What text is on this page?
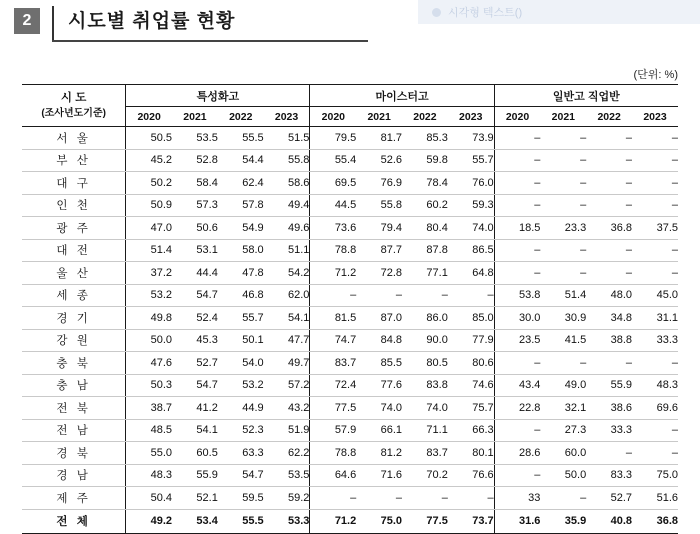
시각형 텍스트()
2	시도별 취업률 현황
(단위: %)
시 도
(조사년도기준)	특성화고				마이스터고				일반고 직업반			
	2020	2021	2022	2023	2020	2021	2022	2023	2020	2021	2022	2023
서 울	50.5	53.5	55.5	51.5	79.5	81.7	85.3	73.9	–	–	–	–
부 산	45.2	52.8	54.4	55.8	55.4	52.6	59.8	55.7	–	–	–	–
대 구	50.2	58.4	62.4	58.6	69.5	76.9	78.4	76.0	–	–	–	–
인 천	50.9	57.3	57.8	49.4	44.5	55.8	60.2	59.3	–	–	–	–
광 주	47.0	50.6	54.9	49.6	73.6	79.4	80.4	74.0	18.5	23.3	36.8	37.5
대 전	51.4	53.1	58.0	51.1	78.8	87.7	87.8	86.5	–	–	–	–
울 산	37.2	44.4	47.8	54.2	71.2	72.8	77.1	64.8	–	–	–	–
세 종	53.2	54.7	46.8	62.0	–	–	–	–	53.8	51.4	48.0	45.0
경 기	49.8	52.4	55.7	54.1	81.5	87.0	86.0	85.0	30.0	30.9	34.8	31.1
강 원	50.0	45.3	50.1	47.7	74.7	84.8	90.0	77.9	23.5	41.5	38.8	33.3
충 북	47.6	52.7	54.0	49.7	83.7	85.5	80.5	80.6	–	–	–	–
충 남	50.3	54.7	53.2	57.2	72.4	77.6	83.8	74.6	43.4	49.0	55.9	48.3
전 북	38.7	41.2	44.9	43.2	77.5	74.0	74.0	75.7	22.8	32.1	38.6	69.6
전 남	48.5	54.1	52.3	51.9	57.9	66.1	71.1	66.3	–	27.3	33.3	–
경 북	55.0	60.5	63.3	62.2	78.8	81.2	83.7	80.1	28.6	60.0	–	–
경 남	48.3	55.9	54.7	53.5	64.6	71.6	70.2	76.6	–	50.0	83.3	75.0
제 주	50.4	52.1	59.5	59.2	–	–	–	–	33	–	52.7	51.6
전 체	49.2	53.4	55.5	53.3	71.2	75.0	77.5	73.7	31.6	35.9	40.8	36.8
